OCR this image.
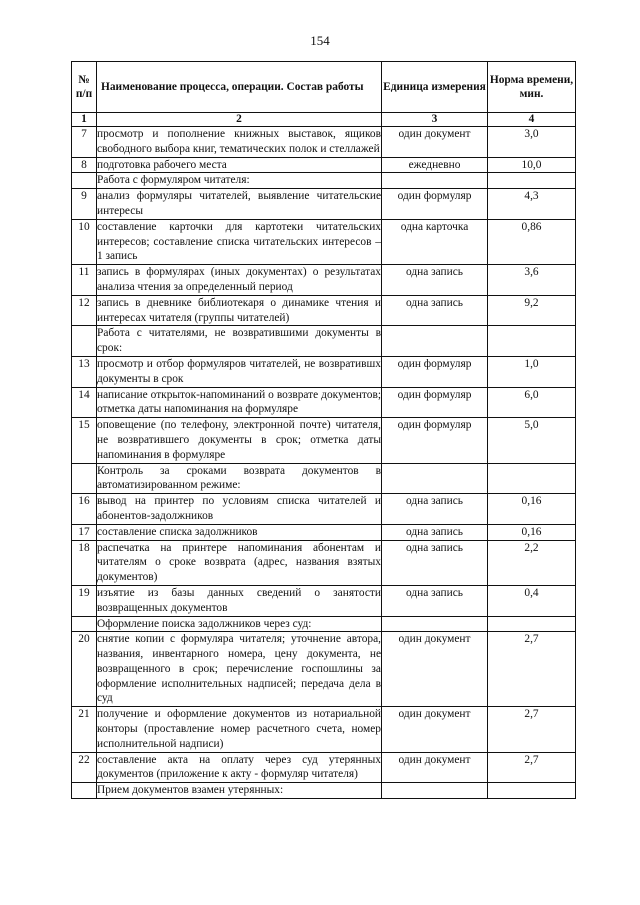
154
№ п/п	Наименование процесса, операции. Состав работы	Единица измерения	Норма времени, мин.
1	2	3	4
7	просмотр и пополнение книжных выставок, ящиков свободного выбора книг, тематических полок и стеллажей	один документ	3,0
8	подготовка рабочего места	ежедневно	10,0
	Работа с формуляром читателя:		
9	анализ формуляры читателей, выявление читательские интересы	один формуляр	4,3
10	составление карточки для картотеки читательских интересов; составление списка читательских интересов – 1 запись	одна карточка	0,86
11	запись в формулярах (иных документах) о результатах анализа чтения за определенный период	одна запись	3,6
12	запись в дневнике библиотекаря о динамике чтения и интересах читателя (группы читателей)	одна запись	9,2
	Работа с читателями, не возвратившими документы в срок:		
13	просмотр и отбор формуляров читателей, не возвратившх документы в срок	один формуляр	1,0
14	написание открыток-напоминаний о возврате документов; отметка даты напоминания на формуляре	один формуляр	6,0
15	оповещение (по телефону, электронной почте) читателя, не возвратившего документы в срок; отметка даты напоминания в формуляре	один формуляр	5,0
	Контроль за сроками возврата документов в автоматизированном режиме:		
16	вывод на принтер по условиям списка читателей и абонентов-задолжников	одна запись	0,16
17	составление списка задолжников	одна запись	0,16
18	распечатка на принтере напоминания абонентам и читателям о сроке возврата (адрес, названия взятых документов)	одна запись	2,2
19	изъятие из базы данных сведений о занятости возвращенных документов	одна запись	0,4
	Оформление поиска задолжников через суд:		
20	снятие копии с формуляра читателя; уточнение автора, названия, инвентарного номера, цену документа, не возвращенного в срок; перечисление госпошлины за оформление исполнительных надписей; передача дела в суд	один документ	2,7
21	получение и оформление документов из нотариальной конторы (проставление номер расчетного счета, номер исполнительной надписи)	один документ	2,7
22	составление акта на оплату через суд утерянных документов (приложение к акту - формуляр читателя)	один документ	2,7
	Прием документов взамен утерянных:		
